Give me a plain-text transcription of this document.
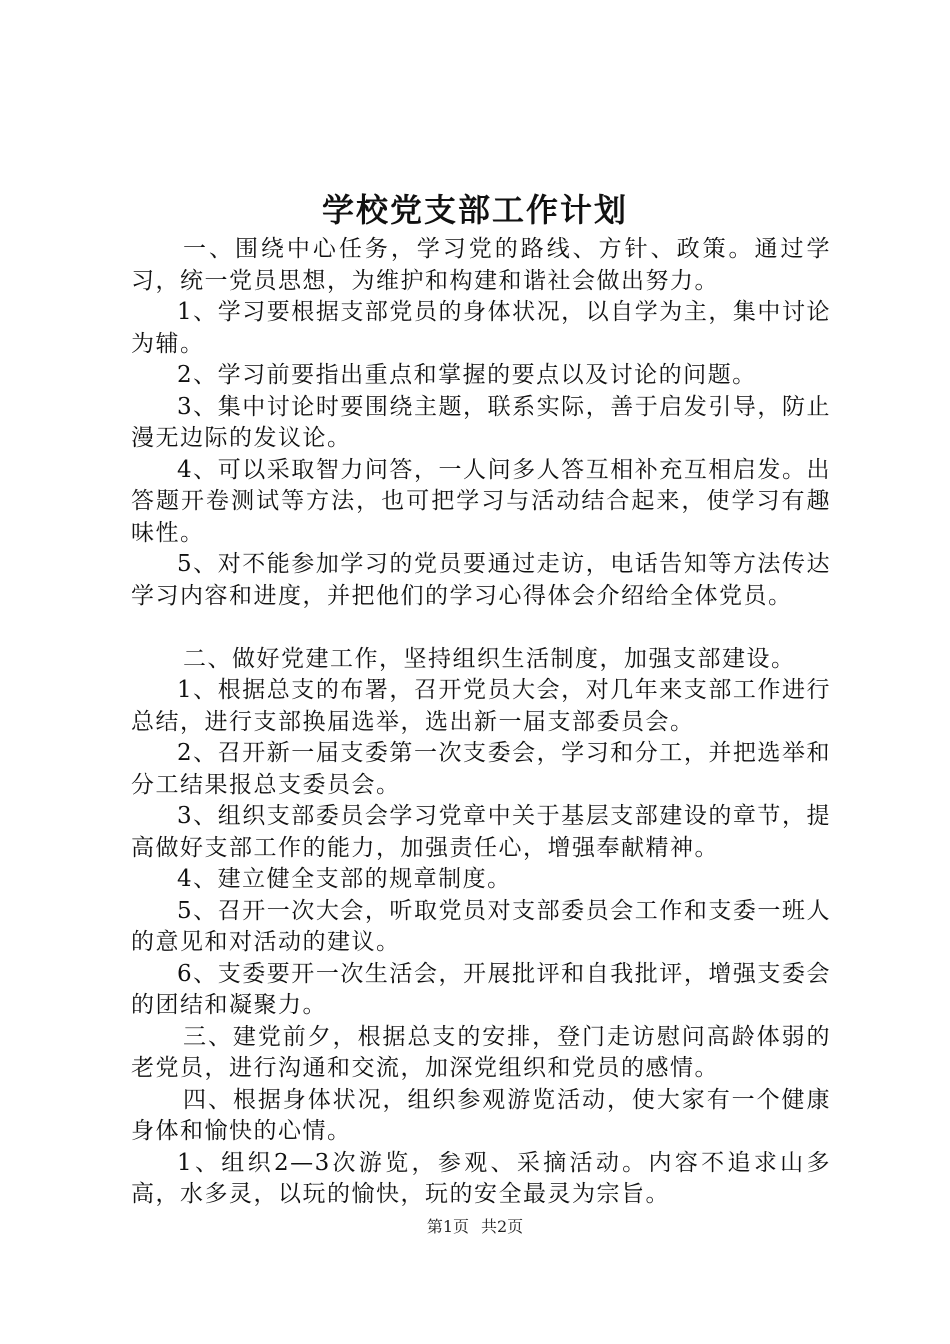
学校党支部工作计划

一、围绕中心任务，学习党的路线、方针、政策。通过学习，统一党员思想，为维护和构建和谐社会做出努力。

1、学习要根据支部党员的身体状况，以自学为主，集中讨论为辅。

2、学习前要指出重点和掌握的要点以及讨论的问题。

3、集中讨论时要围绕主题，联系实际，善于启发引导，防止漫无边际的发议论。

4、可以采取智力问答，一人问多人答互相补充互相启发。出答题开卷测试等方法，也可把学习与活动结合起来，使学习有趣味性。

5、对不能参加学习的党员要通过走访，电话告知等方法传达学习内容和进度，并把他们的学习心得体会介绍给全体党员。

二、做好党建工作，坚持组织生活制度，加强支部建设。

1、根据总支的布署，召开党员大会，对几年来支部工作进行总结，进行支部换届选举，选出新一届支部委员会。

2、召开新一届支委第一次支委会，学习和分工，并把选举和分工结果报总支委员会。

3、组织支部委员会学习党章中关于基层支部建设的章节，提高做好支部工作的能力，加强责任心，增强奉献精神。

4、建立健全支部的规章制度。

5、召开一次大会，听取党员对支部委员会工作和支委一班人的意见和对活动的建议。

6、支委要开一次生活会，开展批评和自我批评，增强支委会的团结和凝聚力。

三、建党前夕，根据总支的安排，登门走访慰问高龄体弱的老党员，进行沟通和交流，加深党组织和党员的感情。

四、根据身体状况，组织参观游览活动，使大家有一个健康身体和愉快的心情。

1、组织2—3次游览，参观、采摘活动。内容不追求山多高，水多灵，以玩的愉快，玩的安全最灵为宗旨。

第1页 共2页
